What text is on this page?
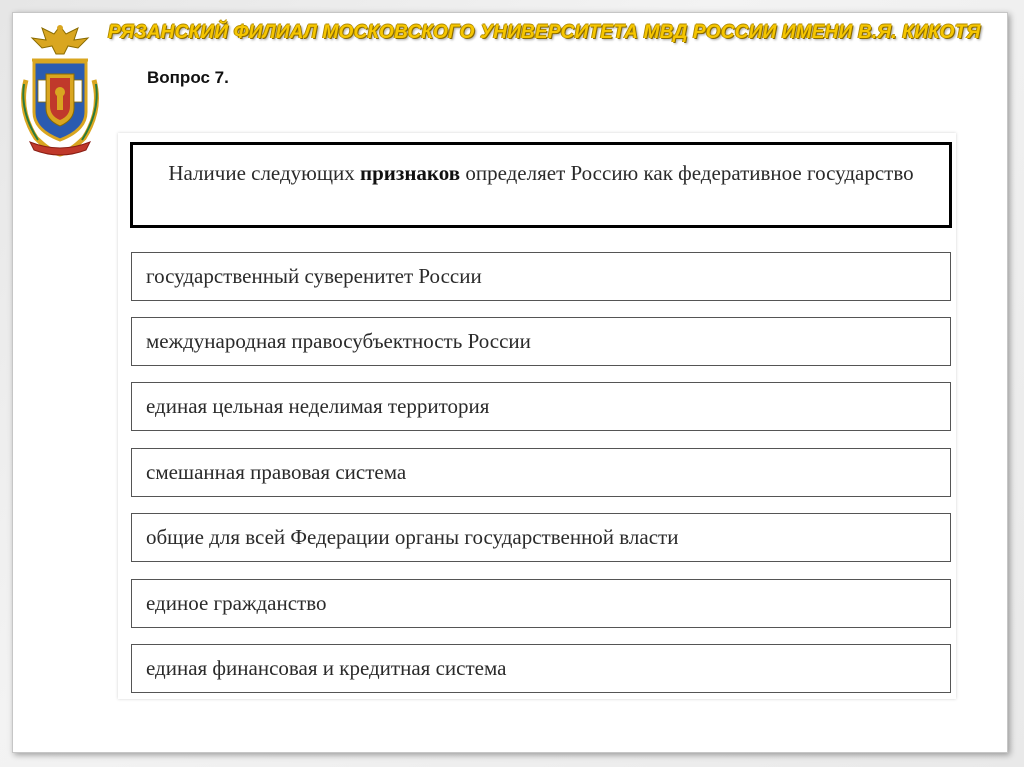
РЯЗАНСКИЙ ФИЛИАЛ МОСКОВСКОГО УНИВЕРСИТЕТА МВД РОССИИ ИМЕНИ В.Я. КИКОТЯ
Вопрос 7.
Наличие следующих признаков определяет Россию как федеративное государство
государственный суверенитет России
международная правосубъектность России
единая цельная неделимая территория
смешанная правовая система
общие для всей Федерации органы государственной власти
единое гражданство
единая финансовая и кредитная система
